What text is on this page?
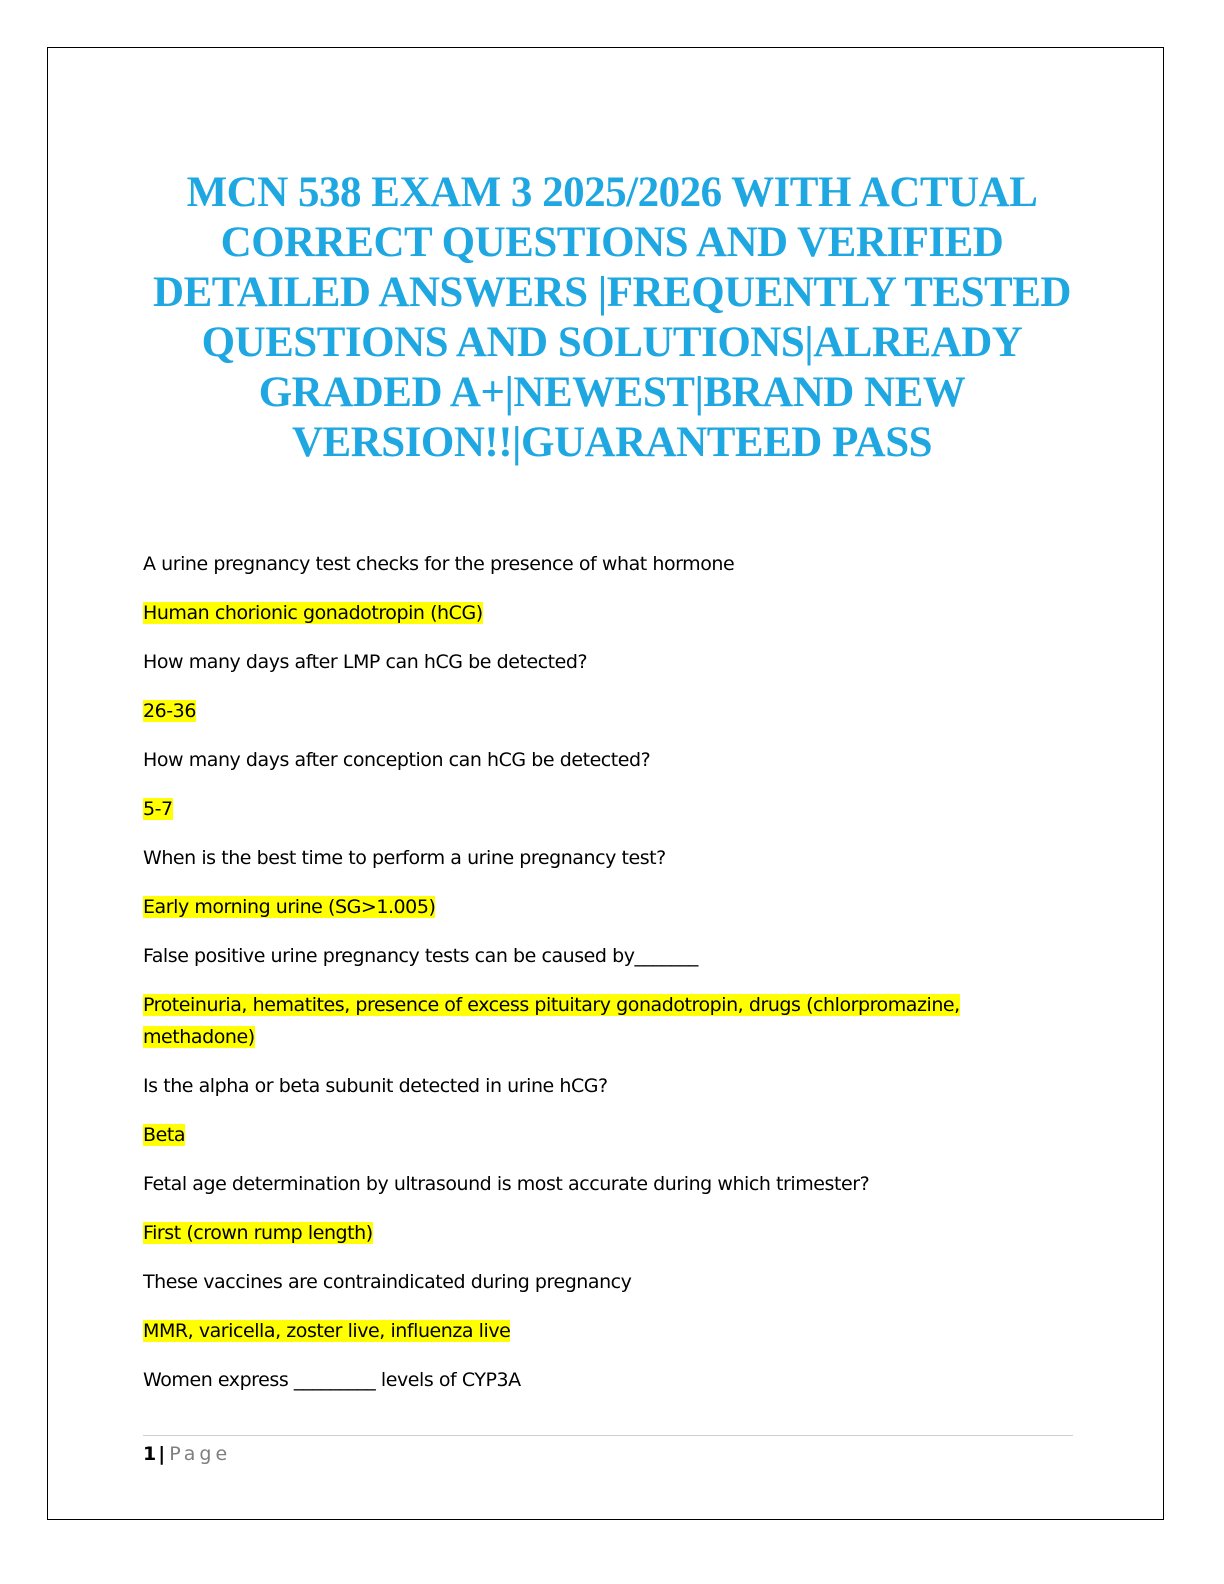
MCN 538 EXAM 3 2025/2026 WITH ACTUAL CORRECT QUESTIONS AND VERIFIED DETAILED ANSWERS |FREQUENTLY TESTED QUESTIONS AND SOLUTIONS|ALREADY GRADED A+|NEWEST|BRAND NEW VERSION!!|GUARANTEED PASS

A urine pregnancy test checks for the presence of what hormone

Human chorionic gonadotropin (hCG)

How many days after LMP can hCG be detected?

26-36

How many days after conception can hCG be detected?

5-7

When is the best time to perform a urine pregnancy test?

Early morning urine (SG>1.005)

False positive urine pregnancy tests can be caused by_______

Proteinuria, hematites, presence of excess pituitary gonadotropin, drugs (chlorpromazine, methadone)

Is the alpha or beta subunit detected in urine hCG?

Beta

Fetal age determination by ultrasound is most accurate during which trimester?

First (crown rump length)

These vaccines are contraindicated during pregnancy

MMR, varicella, zoster live, influenza live

Women express _________ levels of CYP3A

1 | Page
